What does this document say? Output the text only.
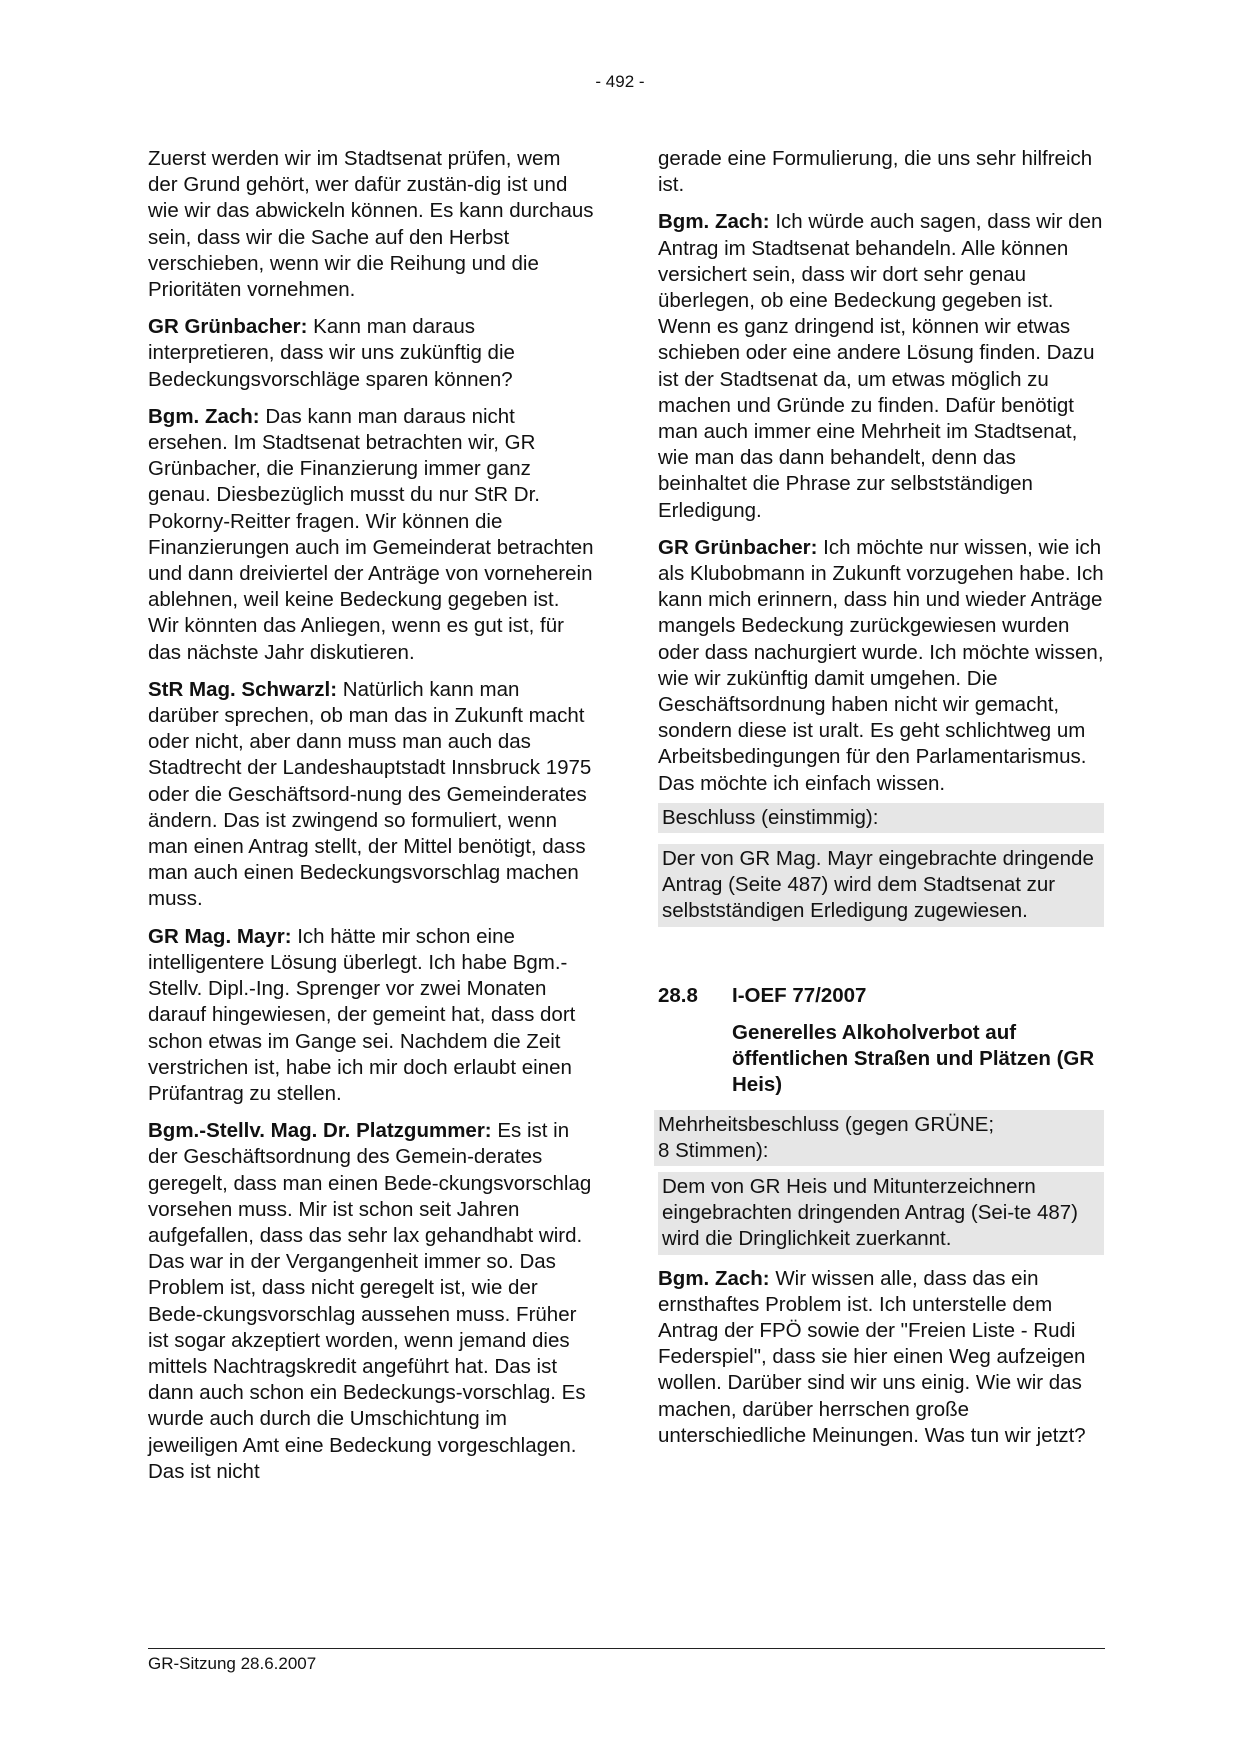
- 492 -

Zuerst werden wir im Stadtsenat prüfen, wem der Grund gehört, wer dafür zustän-dig ist und wie wir das abwickeln können. Es kann durchaus sein, dass wir die Sache auf den Herbst verschieben, wenn wir die Reihung und die Prioritäten vornehmen.

GR Grünbacher: Kann man daraus interpretieren, dass wir uns zukünftig die Bedeckungsvorschläge sparen können?

Bgm. Zach: Das kann man daraus nicht ersehen. Im Stadtsenat betrachten wir, GR Grünbacher, die Finanzierung immer ganz genau. Diesbezüglich musst du nur StR Dr. Pokorny-Reitter fragen. Wir können die Finanzierungen auch im Gemeinderat betrachten und dann dreiviertel der Anträge von vorneherein ablehnen, weil keine Bedeckung gegeben ist. Wir könnten das Anliegen, wenn es gut ist, für das nächste Jahr diskutieren.

StR Mag. Schwarzl: Natürlich kann man darüber sprechen, ob man das in Zukunft macht oder nicht, aber dann muss man auch das Stadtrecht der Landeshauptstadt Innsbruck 1975 oder die Geschäftsord-nung des Gemeinderates ändern. Das ist zwingend so formuliert, wenn man einen Antrag stellt, der Mittel benötigt, dass man auch einen Bedeckungsvorschlag machen muss.

GR Mag. Mayr: Ich hätte mir schon eine intelligentere Lösung überlegt. Ich habe Bgm.-Stellv. Dipl.-Ing. Sprenger vor zwei Monaten darauf hingewiesen, der gemeint hat, dass dort schon etwas im Gange sei. Nachdem die Zeit verstrichen ist, habe ich mir doch erlaubt einen Prüfantrag zu stellen.

Bgm.-Stellv. Mag. Dr. Platzgummer: Es ist in der Geschäftsordnung des Gemein-derates geregelt, dass man einen Bede-ckungsvorschlag vorsehen muss. Mir ist schon seit Jahren aufgefallen, dass das sehr lax gehandhabt wird. Das war in der Vergangenheit immer so. Das Problem ist, dass nicht geregelt ist, wie der Bede-ckungsvorschlag aussehen muss. Früher ist sogar akzeptiert worden, wenn jemand dies mittels Nachtragskredit angeführt hat. Das ist dann auch schon ein Bedeckungs-vorschlag. Es wurde auch durch die Umschichtung im jeweiligen Amt eine Bedeckung vorgeschlagen. Das ist nicht

gerade eine Formulierung, die uns sehr hilfreich ist.

Bgm. Zach: Ich würde auch sagen, dass wir den Antrag im Stadtsenat behandeln. Alle können versichert sein, dass wir dort sehr genau überlegen, ob eine Bedeckung gegeben ist. Wenn es ganz dringend ist, können wir etwas schieben oder eine andere Lösung finden. Dazu ist der Stadtsenat da, um etwas möglich zu machen und Gründe zu finden. Dafür benötigt man auch immer eine Mehrheit im Stadtsenat, wie man das dann behandelt, denn das beinhaltet die Phrase zur selbstständigen Erledigung.

GR Grünbacher: Ich möchte nur wissen, wie ich als Klubobmann in Zukunft vorzugehen habe. Ich kann mich erinnern, dass hin und wieder Anträge mangels Bedeckung zurückgewiesen wurden oder dass nachurgiert wurde. Ich möchte wissen, wie wir zukünftig damit umgehen. Die Geschäftsordnung haben nicht wir gemacht, sondern diese ist uralt. Es geht schlichtweg um Arbeitsbedingungen für den Parlamentarismus. Das möchte ich einfach wissen.

Beschluss (einstimmig):

Der von GR Mag. Mayr eingebrachte dringende Antrag (Seite 487) wird dem Stadtsenat zur selbstständigen Erledigung zugewiesen.

28.8	I-OEF 77/2007
Generelles Alkoholverbot auf öffentlichen Straßen und Plätzen (GR Heis)
Mehrheitsbeschluss (gegen GRÜNE;
8 Stimmen):

Dem von GR Heis und Mitunterzeichnern eingebrachten dringenden Antrag (Sei-te 487) wird die Dringlichkeit zuerkannt.

Bgm. Zach: Wir wissen alle, dass das ein ernsthaftes Problem ist. Ich unterstelle dem Antrag der FPÖ sowie der "Freien Liste - Rudi Federspiel", dass sie hier einen Weg aufzeigen wollen. Darüber sind wir uns einig. Wie wir das machen, darüber herrschen große unterschiedliche Meinungen. Was tun wir jetzt?

GR-Sitzung 28.6.2007
